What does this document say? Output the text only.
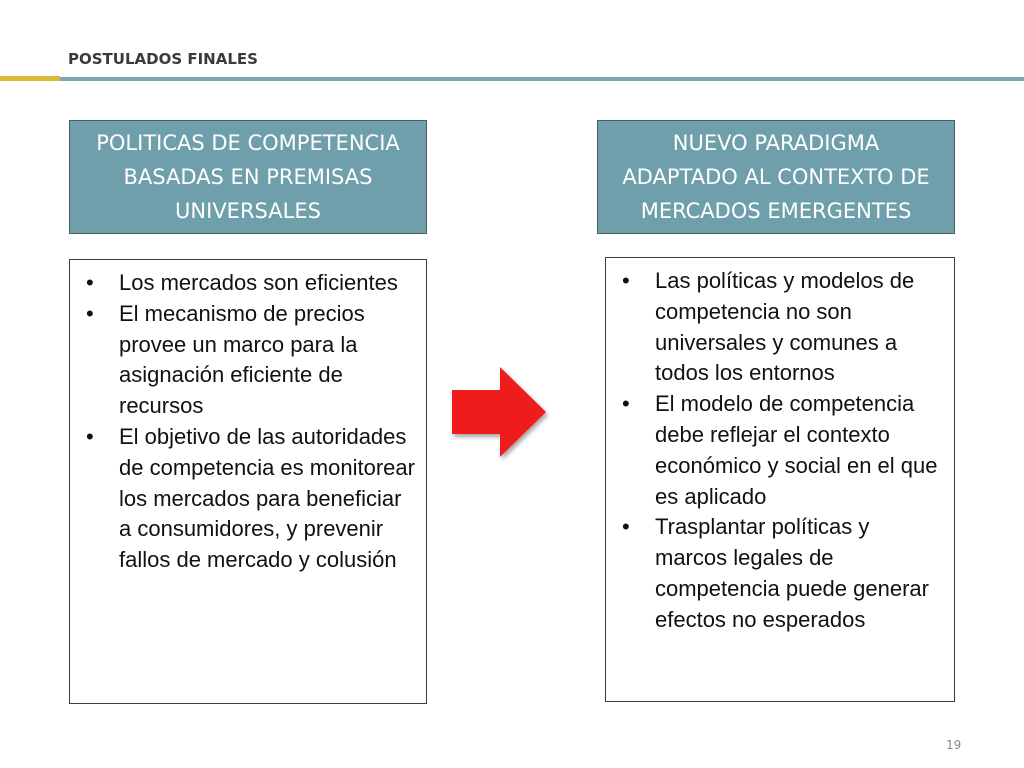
POSTULADOS FINALES
POLITICAS DE COMPETENCIA
BASADAS EN PREMISAS
UNIVERSALES
NUEVO PARADIGMA
ADAPTADO AL CONTEXTO DE
MERCADOS EMERGENTES
• Los mercados son eficientes
• El mecanismo de precios provee un marco para la asignación eficiente de recursos
• El objetivo de las autoridades de competencia es monitorear los mercados para beneficiar a consumidores, y prevenir fallos de mercado y colusión
• Las políticas y modelos de competencia no son universales y comunes a todos los entornos
• El modelo de competencia debe reflejar el contexto económico y social en el que es aplicado
• Trasplantar políticas y marcos legales de competencia puede generar efectos no esperados
19
